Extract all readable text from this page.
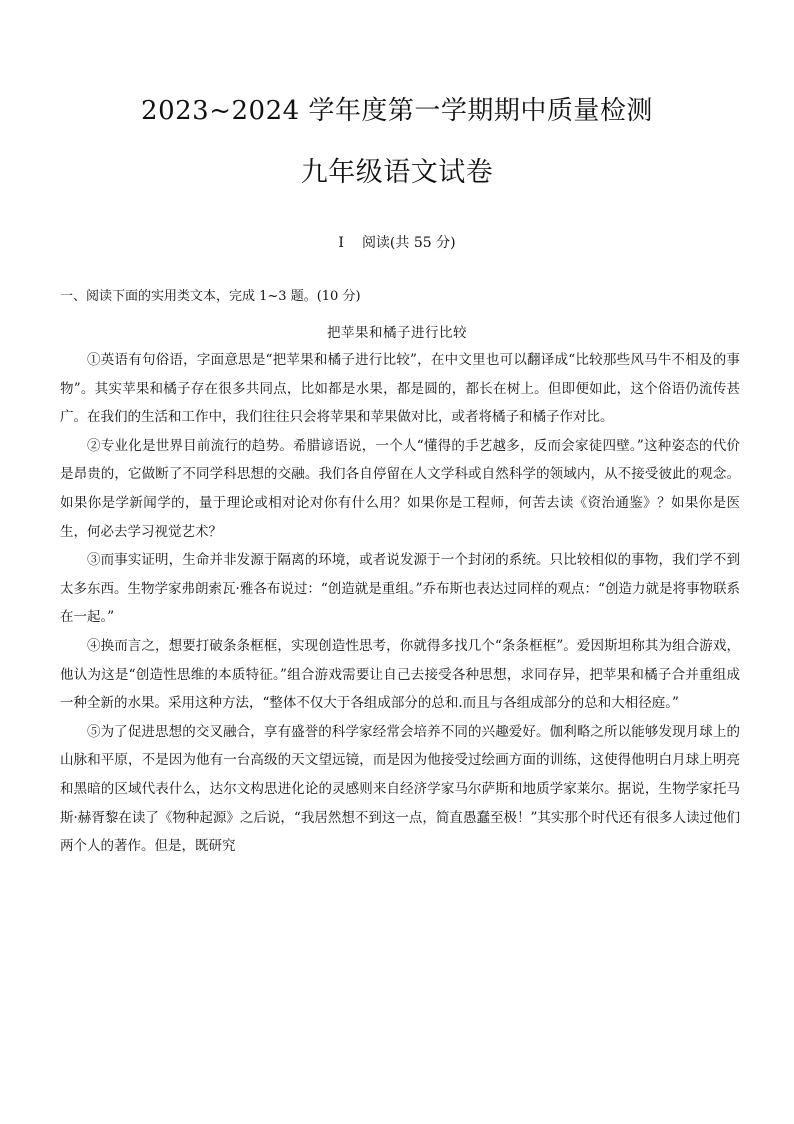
2023~2024 学年度第一学期期中质量检测
九年级语文试卷
Ⅰ 阅读(共 55 分)
一、阅读下面的实用类文本，完成 1~3 题。(10 分)
把苹果和橘子进行比较

①英语有句俗语，字面意思是“把苹果和橘子进行比较”，在中文里也可以翻译成“比较那些风马牛不相及的事物”。其实苹果和橘子存在很多共同点，比如都是水果，都是圆的，都长在树上。但即便如此，这个俗语仍流传甚广。在我们的生活和工作中，我们往往只会将苹果和苹果做对比，或者将橘子和橘子作对比。

②专业化是世界目前流行的趋势。希腊谚语说，一个人“懂得的手艺越多，反而会家徒四壁。”这种姿态的代价是昂贵的，它做断了不同学科思想的交融。我们各自停留在人文学科或自然科学的领域内，从不接受彼此的观念。如果你是学新闻学的，量于理论或相对论对你有什么用？如果你是工程师，何苦去读《资治通鉴》？如果你是医生，何必去学习视觉艺术？

③而事实证明，生命并非发源于隔离的环境，或者说发源于一个封闭的系统。只比较相似的事物，我们学不到太多东西。生物学家弗朗索瓦·雅各布说过：“创造就是重组。”乔布斯也表达过同样的观点：“创造力就是将事物联系在一起。”

④换而言之，想要打破条条框框，实现创造性思考，你就得多找几个“条条框框”。爱因斯坦称其为组合游戏，他认为这是“创造性思维的本质特征。”组合游戏需要让自己去接受各种思想，求同存异，把苹果和橘子合并重组成一种全新的水果。采用这种方法，“整体不仅大于各组成部分的总和.而且与各组成部分的总和大相径庭。”

⑤为了促进思想的交叉融合，享有盛誉的科学家经常会培养不同的兴趣爱好。伽利略之所以能够发现月球上的山脉和平原，不是因为他有一台高级的天文望远镜，而是因为他接受过绘画方面的训练，这使得他明白月球上明亮和黑暗的区域代表什么，达尔文构思进化论的灵感则来自经济学家马尔萨斯和地质学家莱尔。据说，生物学家托马斯·赫胥黎在读了《物种起源》之后说，“我居然想不到这一点，简直愚蠢至极！”其实那个时代还有很多人读过他们两个人的著作。但是，既研究
